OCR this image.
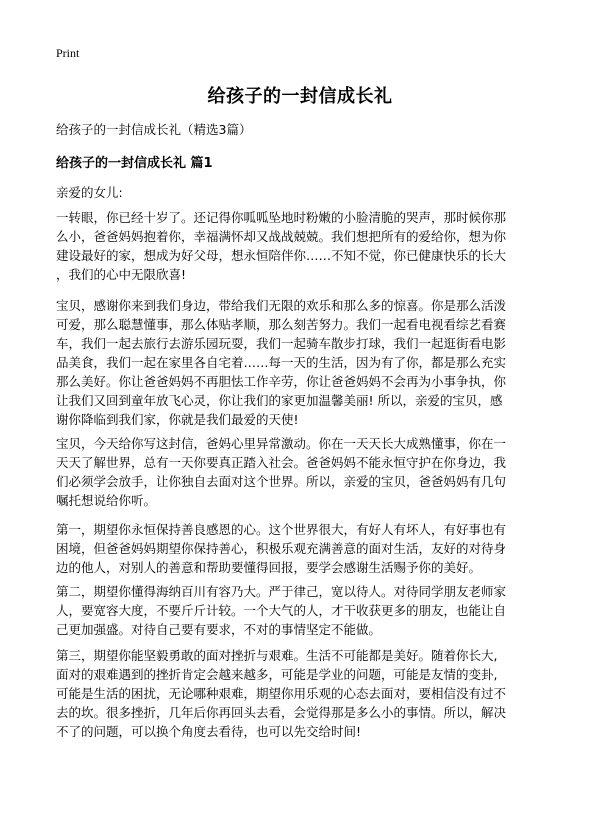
Print
给孩子的一封信成长礼
给孩子的一封信成长礼（精选3篇）
给孩子的一封信成长礼 篇1
亲爱的女儿:
一转眼，你已经十岁了。还记得你呱呱坠地时粉嫩的小脸清脆的哭声，那时候你那
么小，爸爸妈妈抱着你，幸福满怀却又战战兢兢。我们想把所有的爱给你，想为你
建设最好的家，想成为好父母，想永恒陪伴你……不知不觉，你已健康快乐的长大
，我们的心中无限欣喜!
宝贝，感谢你来到我们身边，带给我们无限的欢乐和那么多的惊喜。你是那么活泼
可爱，那么聪慧懂事，那么体贴孝顺，那么刻苦努力。我们一起看电视看综艺看赛
车，我们一起去旅行去游乐园玩耍，我们一起骑车散步打球，我们一起逛街看电影
品美食，我们一起在家里各自宅着……每一天的生活，因为有了你，都是那么充实
那么美好。你让爸爸妈妈不再胆怯工作辛劳，你让爸爸妈妈不会再为小事争执，你
让我们又回到童年放飞心灵，你让我们的家更加温馨美丽! 所以，亲爱的宝贝，感
谢你降临到我们家，你就是我们最爱的天使!
宝贝，今天给你写这封信，爸妈心里异常激动。你在一天天长大成熟懂事，你在一
天天了解世界，总有一天你要真正踏入社会。爸爸妈妈不能永恒守护在你身边，我
们必须学会放手，让你独自去面对这个世界。所以，亲爱的宝贝，爸爸妈妈有几句
嘱托想说给你听。
第一，期望你永恒保持善良感恩的心。这个世界很大，有好人有坏人，有好事也有
困境，但爸爸妈妈期望你保持善心，积极乐观充满善意的面对生活，友好的对待身
边的他人，对别人的善意和帮助要懂得回报，要学会感谢生活赐予你的美好。
第二，期望你懂得海纳百川有容乃大。严于律己，宽以待人。对待同学朋友老师家
人，要宽容大度，不要斤斤计较。一个大气的人，才干收获更多的朋友，也能让自
己更加强盛。对待自己要有要求，不对的事情坚定不能做。
第三，期望你能坚毅勇敢的面对挫折与艰难。生活不可能都是美好。随着你长大,
面对的艰难遇到的挫折肯定会越来越多，可能是学业的问题，可能是友情的变卦,
可能是生活的困扰，无论哪种艰难，期望你用乐观的心态去面对，要相信没有过不
去的坎。很多挫折，几年后你再回头去看，会觉得那是多么小的事情。所以，解决
不了的问题，可以换个角度去看待，也可以先交给时间!
